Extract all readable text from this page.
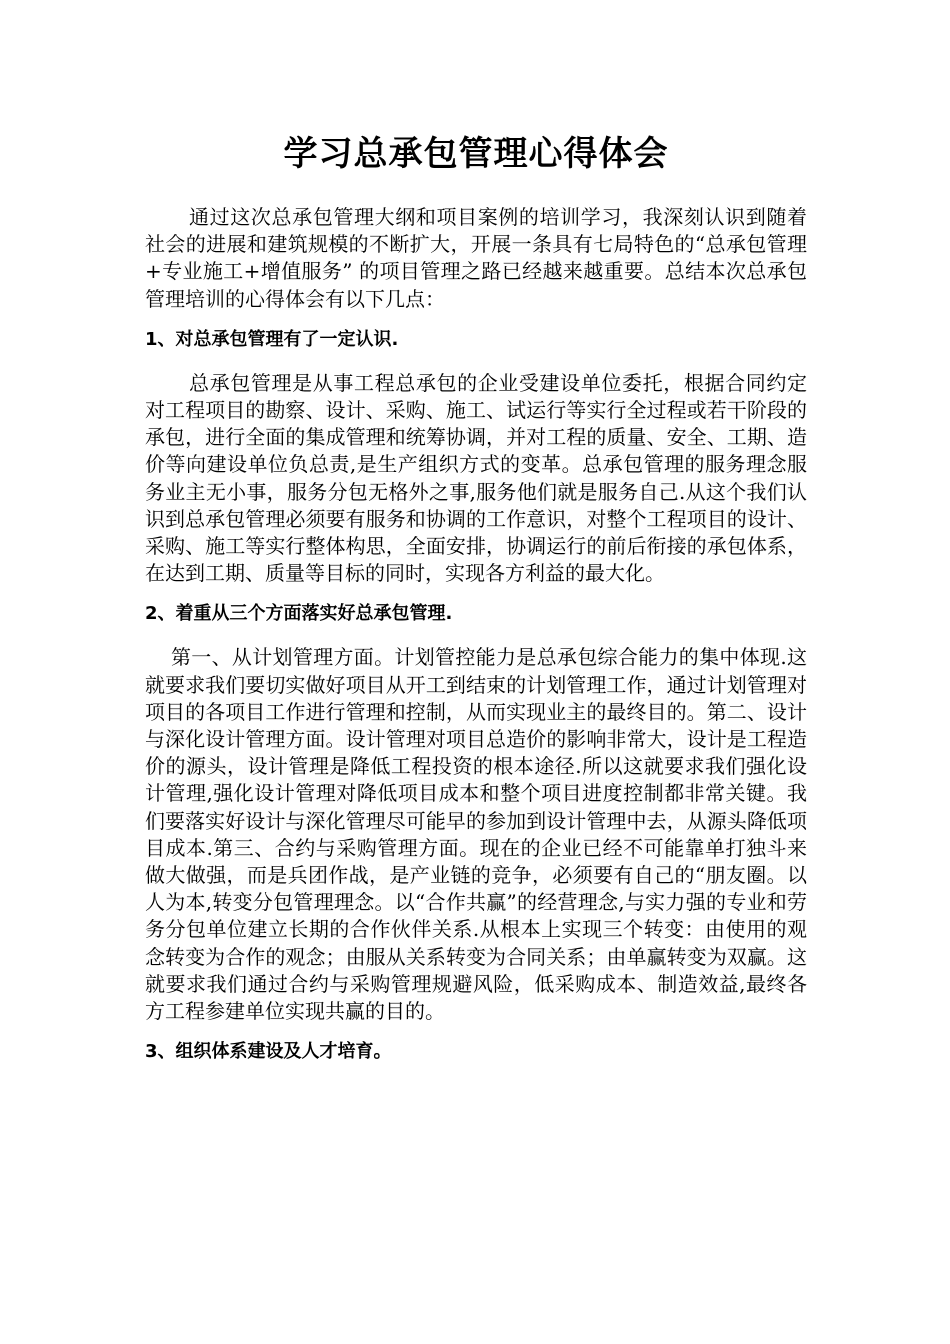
学习总承包管理心得体会

通过这次总承包管理大纲和项目案例的培训学习，我深刻认识到随着社会的进展和建筑规模的不断扩大，开展一条具有七局特色的“总承包管理+专业施工+增值服务” 的项目管理之路已经越来越重要。总结本次总承包管理培训的心得体会有以下几点：

1、对总承包管理有了一定认识.

总承包管理是从事工程总承包的企业受建设单位委托，根据合同约定对工程项目的勘察、设计、采购、施工、试运行等实行全过程或若干阶段的承包，进行全面的集成管理和统筹协调，并对工程的质量、安全、工期、造价等向建设单位负总责,是生产组织方式的变革。总承包管理的服务理念服务业主无小事，服务分包无格外之事,服务他们就是服务自己.从这个我们认识到总承包管理必须要有服务和协调的工作意识，对整个工程项目的设计、采购、施工等实行整体构思，全面安排，协调运行的前后衔接的承包体系，在达到工期、质量等目标的同时，实现各方利益的最大化。

2、着重从三个方面落实好总承包管理.

第一、从计划管理方面。计划管控能力是总承包综合能力的集中体现.这就要求我们要切实做好项目从开工到结束的计划管理工作，通过计划管理对项目的各项目工作进行管理和控制，从而实现业主的最终目的。第二、设计与深化设计管理方面。设计管理对项目总造价的影响非常大，设计是工程造价的源头，设计管理是降低工程投资的根本途径.所以这就要求我们强化设计管理,强化设计管理对降低项目成本和整个项目进度控制都非常关键。我们要落实好设计与深化管理尽可能早的参加到设计管理中去，从源头降低项目成本.第三、合约与采购管理方面。现在的企业已经不可能靠单打独斗来做大做强，而是兵团作战，是产业链的竞争，必须要有自己的“朋友圈。以人为本,转变分包管理理念。以“合作共赢”的经营理念,与实力强的专业和劳务分包单位建立长期的合作伙伴关系.从根本上实现三个转变：由使用的观念转变为合作的观念；由服从关系转变为合同关系；由单赢转变为双赢。这就要求我们通过合约与采购管理规避风险，低采购成本、制造效益,最终各方工程参建单位实现共赢的目的。

3、组织体系建设及人才培育。
